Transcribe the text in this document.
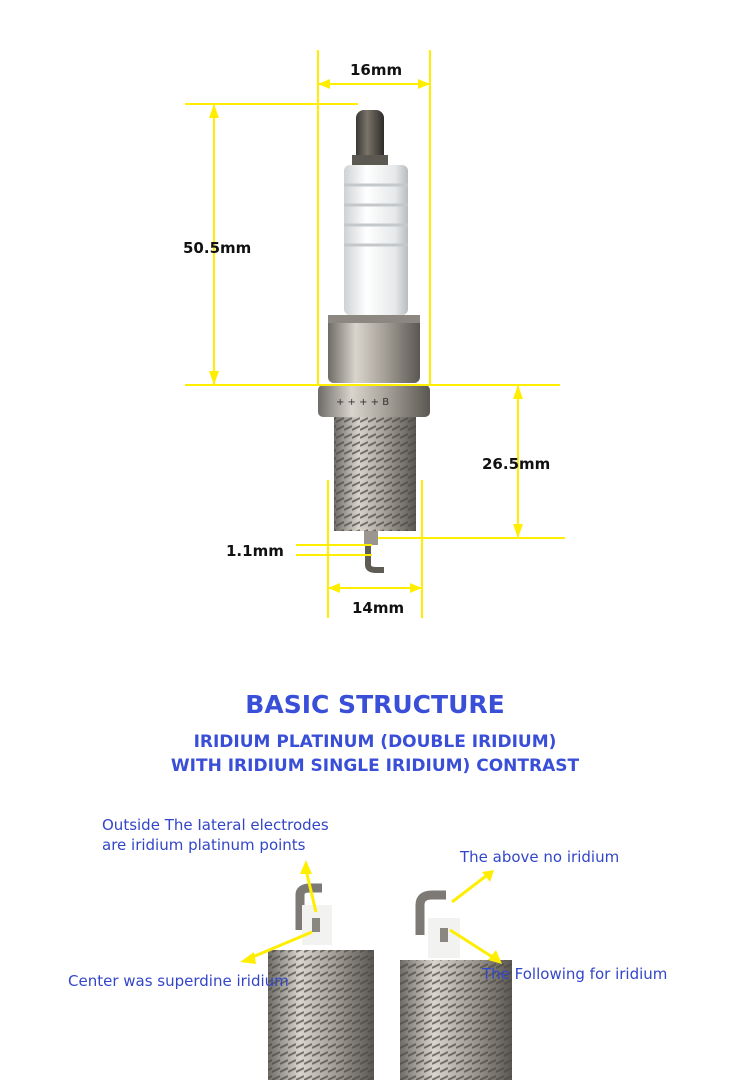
+ + + + B
16mm
50.5mm
26.5mm
1.1mm
14mm
BASIC STRUCTURE
IRIDIUM PLATINUM (DOUBLE IRIDIUM)
WITH IRIDIUM SINGLE IRIDIUM) CONTRAST
Outside The Iateral electrodes
are iridium platinum points
The above no iridium
Center was superdine iridium	The Following for iridium
